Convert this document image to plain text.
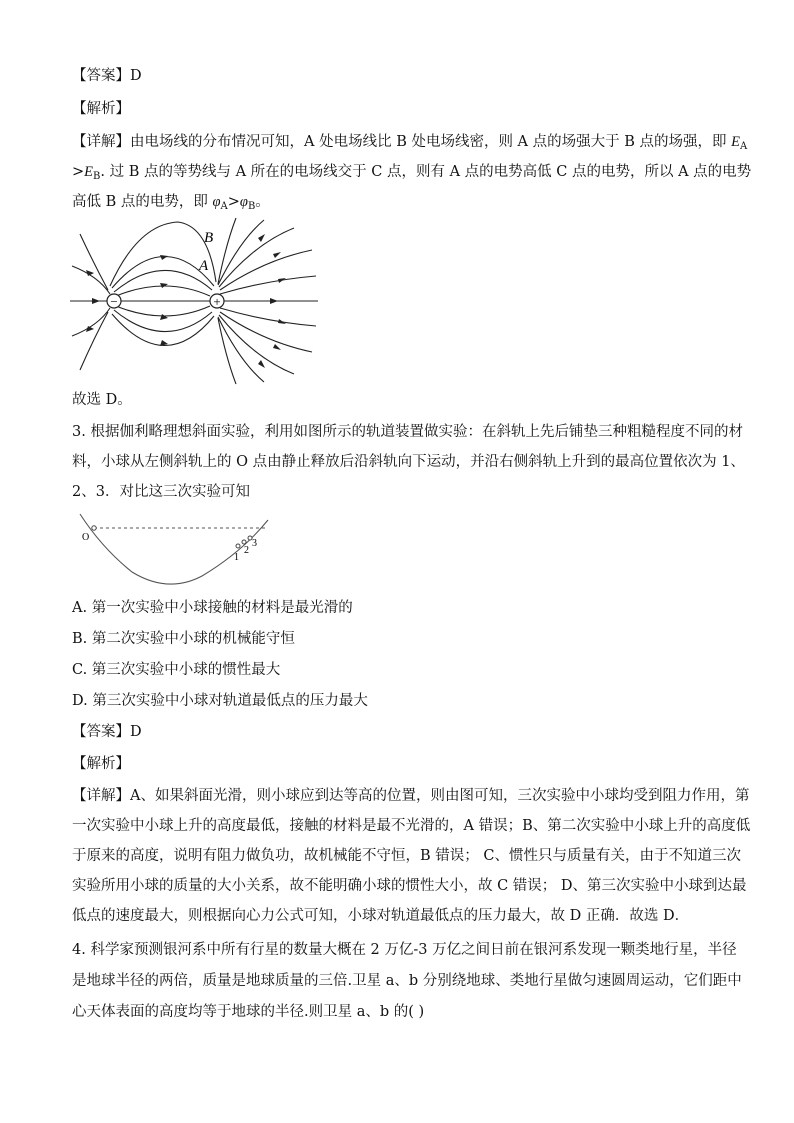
【答案】D
【解析】
【详解】由电场线的分布情况可知，A 处电场线比 B 处电场线密，则 A 点的场强大于 B 点的场强，即 $E_A$
$>E_B$. 过 B 点的等势线与 A 所在的电场线交于 C 点，则有 A 点的电势高低 C 点的电势，所以 A 点的电势
高低 B 点的电势，即 $\varphi_A>\varphi_B$。
−	+
B
A
故选 D。
3. 根据伽利略理想斜面实验，利用如图所示的轨道装置做实验：在斜轨上先后铺垫三种粗糙程度不同的材
料，小球从左侧斜轨上的 O 点由静止释放后沿斜轨向下运动，并沿右侧斜轨上升到的最高位置依次为 1、
2、3．对比这三次实验可知
O
1
2
3
A. 第一次实验中小球接触的材料是最光滑的
B. 第二次实验中小球的机械能守恒
C. 第三次实验中小球的惯性最大
D. 第三次实验中小球对轨道最低点的压力最大
【答案】D
【解析】
【详解】A、如果斜面光滑，则小球应到达等高的位置，则由图可知，三次实验中小球均受到阻力作用，第
一次实验中小球上升的高度最低，接触的材料是最不光滑的，A 错误；B、第二次实验中小球上升的高度低
于原来的高度，说明有阻力做负功，故机械能不守恒，B 错误； C、惯性只与质量有关，由于不知道三次
实验所用小球的质量的大小关系，故不能明确小球的惯性大小，故 C 错误； D、第三次实验中小球到达最
低点的速度最大，则根据向心力公式可知，小球对轨道最低点的压力最大，故 D 正确．故选 D．
4. 科学家预测银河系中所有行星的数量大概在 2 万亿-3 万亿之间日前在银河系发现一颗类地行星，半径
是地球半径的两倍，质量是地球质量的三倍.卫星 a、b 分别绕地球、类地行星做匀速圆周运动，它们距中
心天体表面的高度均等于地球的半径.则卫星 a、b 的( )
